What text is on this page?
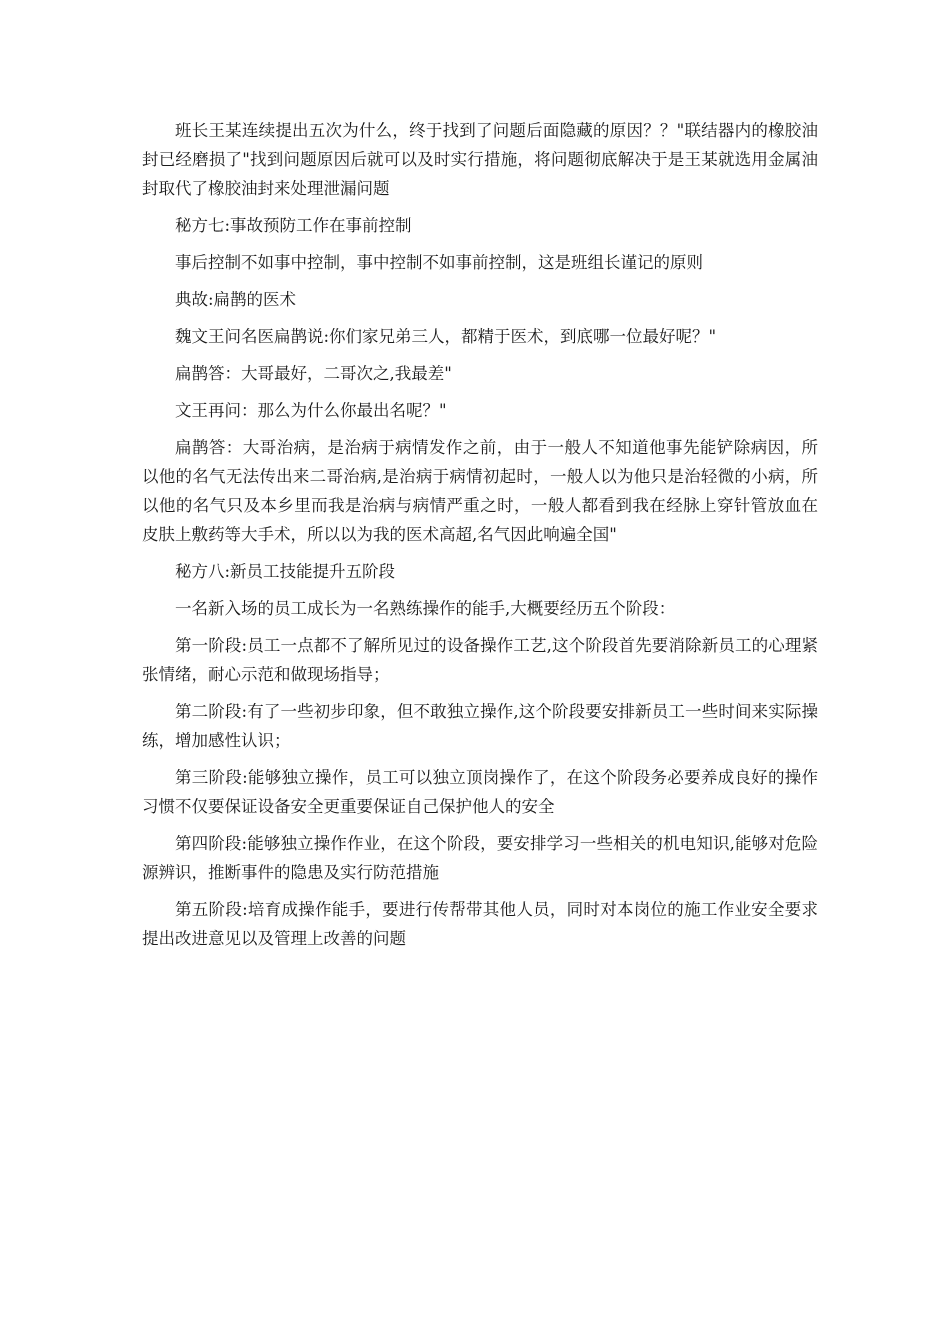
班长王某连续提出五次为什么，终于找到了问题后面隐藏的原因？？"联结器内的橡胶油封已经磨损了"找到问题原因后就可以及时实行措施，将问题彻底解决于是王某就选用金属油封取代了橡胶油封来处理泄漏问题

秘方七:事故预防工作在事前控制

事后控制不如事中控制，事中控制不如事前控制，这是班组长谨记的原则

典故:扁鹊的医术

魏文王问名医扁鹊说:你们家兄弟三人，都精于医术，到底哪一位最好呢？"

扁鹊答：大哥最好，二哥次之,我最差"

文王再问：那么为什么你最出名呢？"

扁鹊答：大哥治病，是治病于病情发作之前，由于一般人不知道他事先能铲除病因，所以他的名气无法传出来二哥治病,是治病于病情初起时，一般人以为他只是治轻微的小病，所以他的名气只及本乡里而我是治病与病情严重之时，一般人都看到我在经脉上穿针管放血在皮肤上敷药等大手术，所以以为我的医术高超,名气因此响遍全国"

秘方八:新员工技能提升五阶段

一名新入场的员工成长为一名熟练操作的能手,大概要经历五个阶段：

第一阶段:员工一点都不了解所见过的设备操作工艺,这个阶段首先要消除新员工的心理紧张情绪，耐心示范和做现场指导；

第二阶段:有了一些初步印象，但不敢独立操作,这个阶段要安排新员工一些时间来实际操练，增加感性认识；

第三阶段:能够独立操作，员工可以独立顶岗操作了，在这个阶段务必要养成良好的操作习惯不仅要保证设备安全更重要保证自己保护他人的安全

第四阶段:能够独立操作作业，在这个阶段，要安排学习一些相关的机电知识,能够对危险源辨识，推断事件的隐患及实行防范措施

第五阶段:培育成操作能手，要进行传帮带其他人员，同时对本岗位的施工作业安全要求提出改进意见以及管理上改善的问题
